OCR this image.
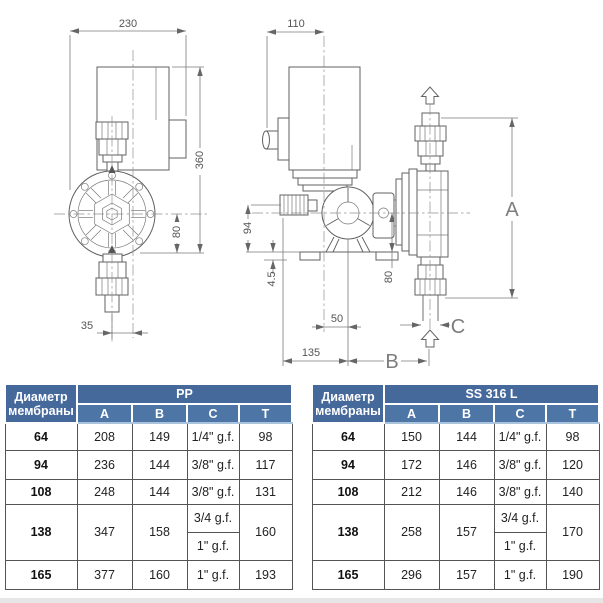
230
360
80
35
110
94
4.5	80
50
135	B
A
C
Диаметр мембраны	PP			
	A	B	C	T
64	208	149	1/4" g.f.	98
94	236	144	3/8" g.f.	117
108	248	144	3/8" g.f.	131
138	347	158	3/4 g.f.	160
			1" g.f.	
165	377	160	1" g.f.	193
Диаметр мембраны	SS 316 L			
	A	B	C	T
64	150	144	1/4" g.f.	98
94	172	146	3/8" g.f.	120
108	212	146	3/8" g.f.	140
138	258	157	3/4 g.f.	170
			1" g.f.	
165	296	157	1" g.f.	190
